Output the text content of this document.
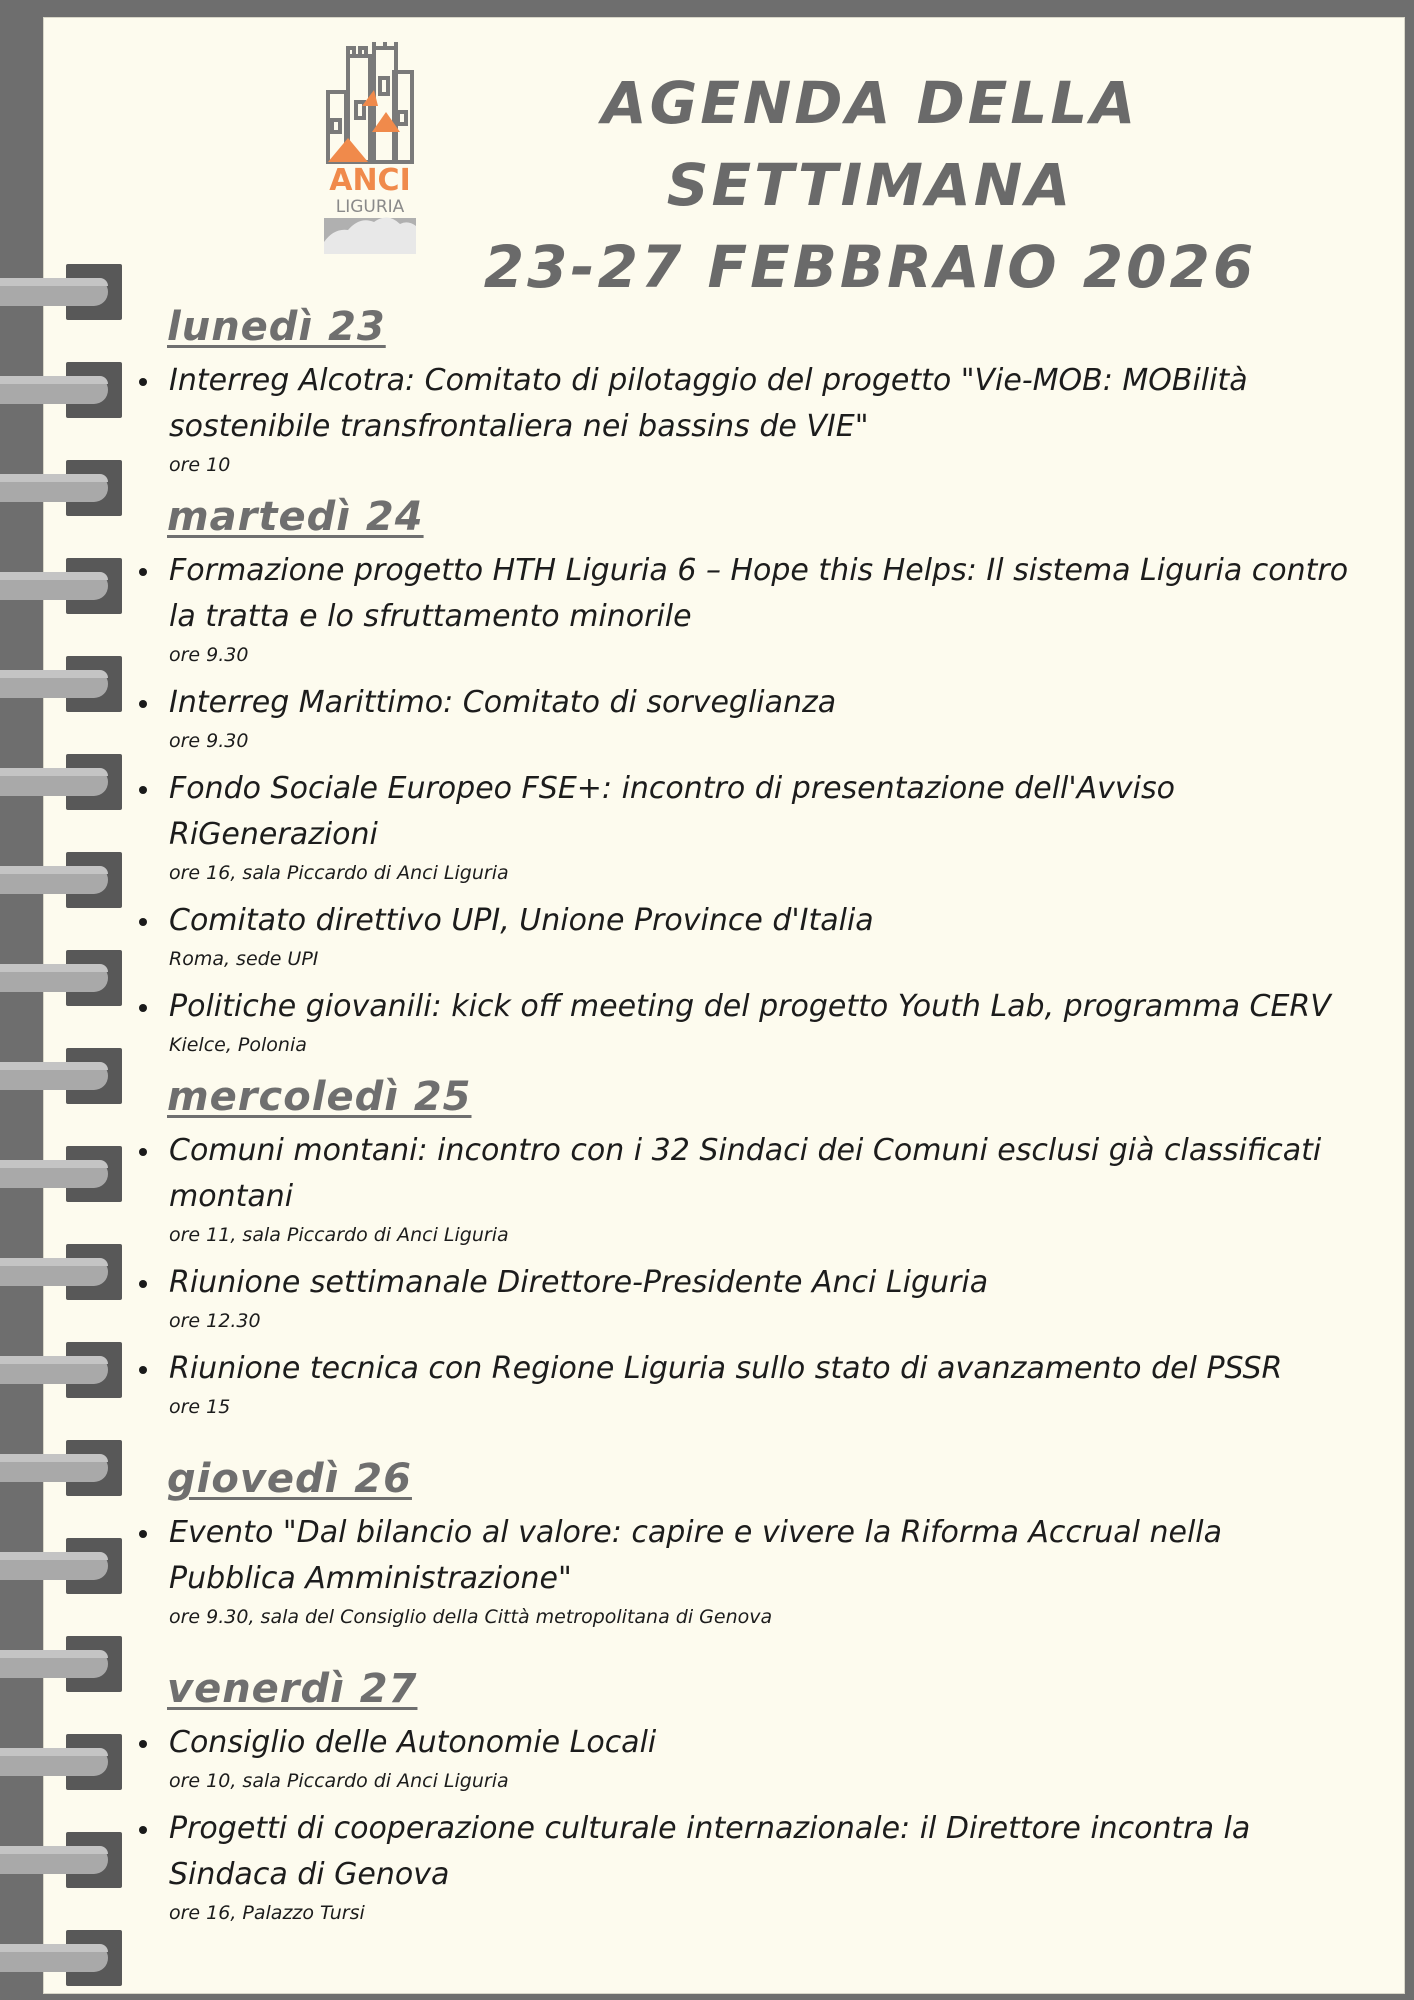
ANCI
LIGURIA
AGENDA DELLA SETTIMANA
23-27 FEBBRAIO 2026
lunedì 23
Interreg Alcotra: Comitato di pilotaggio del progetto "Vie-MOB: MOBilità sostenibile transfrontaliera nei bassins de VIE"
ore 10
martedì 24
Formazione progetto HTH Liguria 6 – Hope this Helps: Il sistema Liguria contro la tratta e lo sfruttamento minorile
ore 9.30
Interreg Marittimo: Comitato di sorveglianza
ore 9.30
Fondo Sociale Europeo FSE+: incontro di presentazione dell'Avviso RiGenerazioni
ore 16, sala Piccardo di Anci Liguria
Comitato direttivo UPI, Unione Province d'Italia
Roma, sede UPI
Politiche giovanili: kick off meeting del progetto Youth Lab, programma CERV
Kielce, Polonia
mercoledì 25
Comuni montani: incontro con i 32 Sindaci dei Comuni esclusi già classificati montani
ore 11, sala Piccardo di Anci Liguria
Riunione settimanale Direttore-Presidente Anci Liguria
ore 12.30
Riunione tecnica con Regione Liguria sullo stato di avanzamento del PSSR
ore 15
giovedì 26
Evento "Dal bilancio al valore: capire e vivere la Riforma Accrual nella Pubblica Amministrazione"
ore 9.30, sala del Consiglio della Città metropolitana di Genova
venerdì 27
Consiglio delle Autonomie Locali
ore 10, sala Piccardo di Anci Liguria
Progetti di cooperazione culturale internazionale: il Direttore incontra la Sindaca di Genova
ore 16, Palazzo Tursi
